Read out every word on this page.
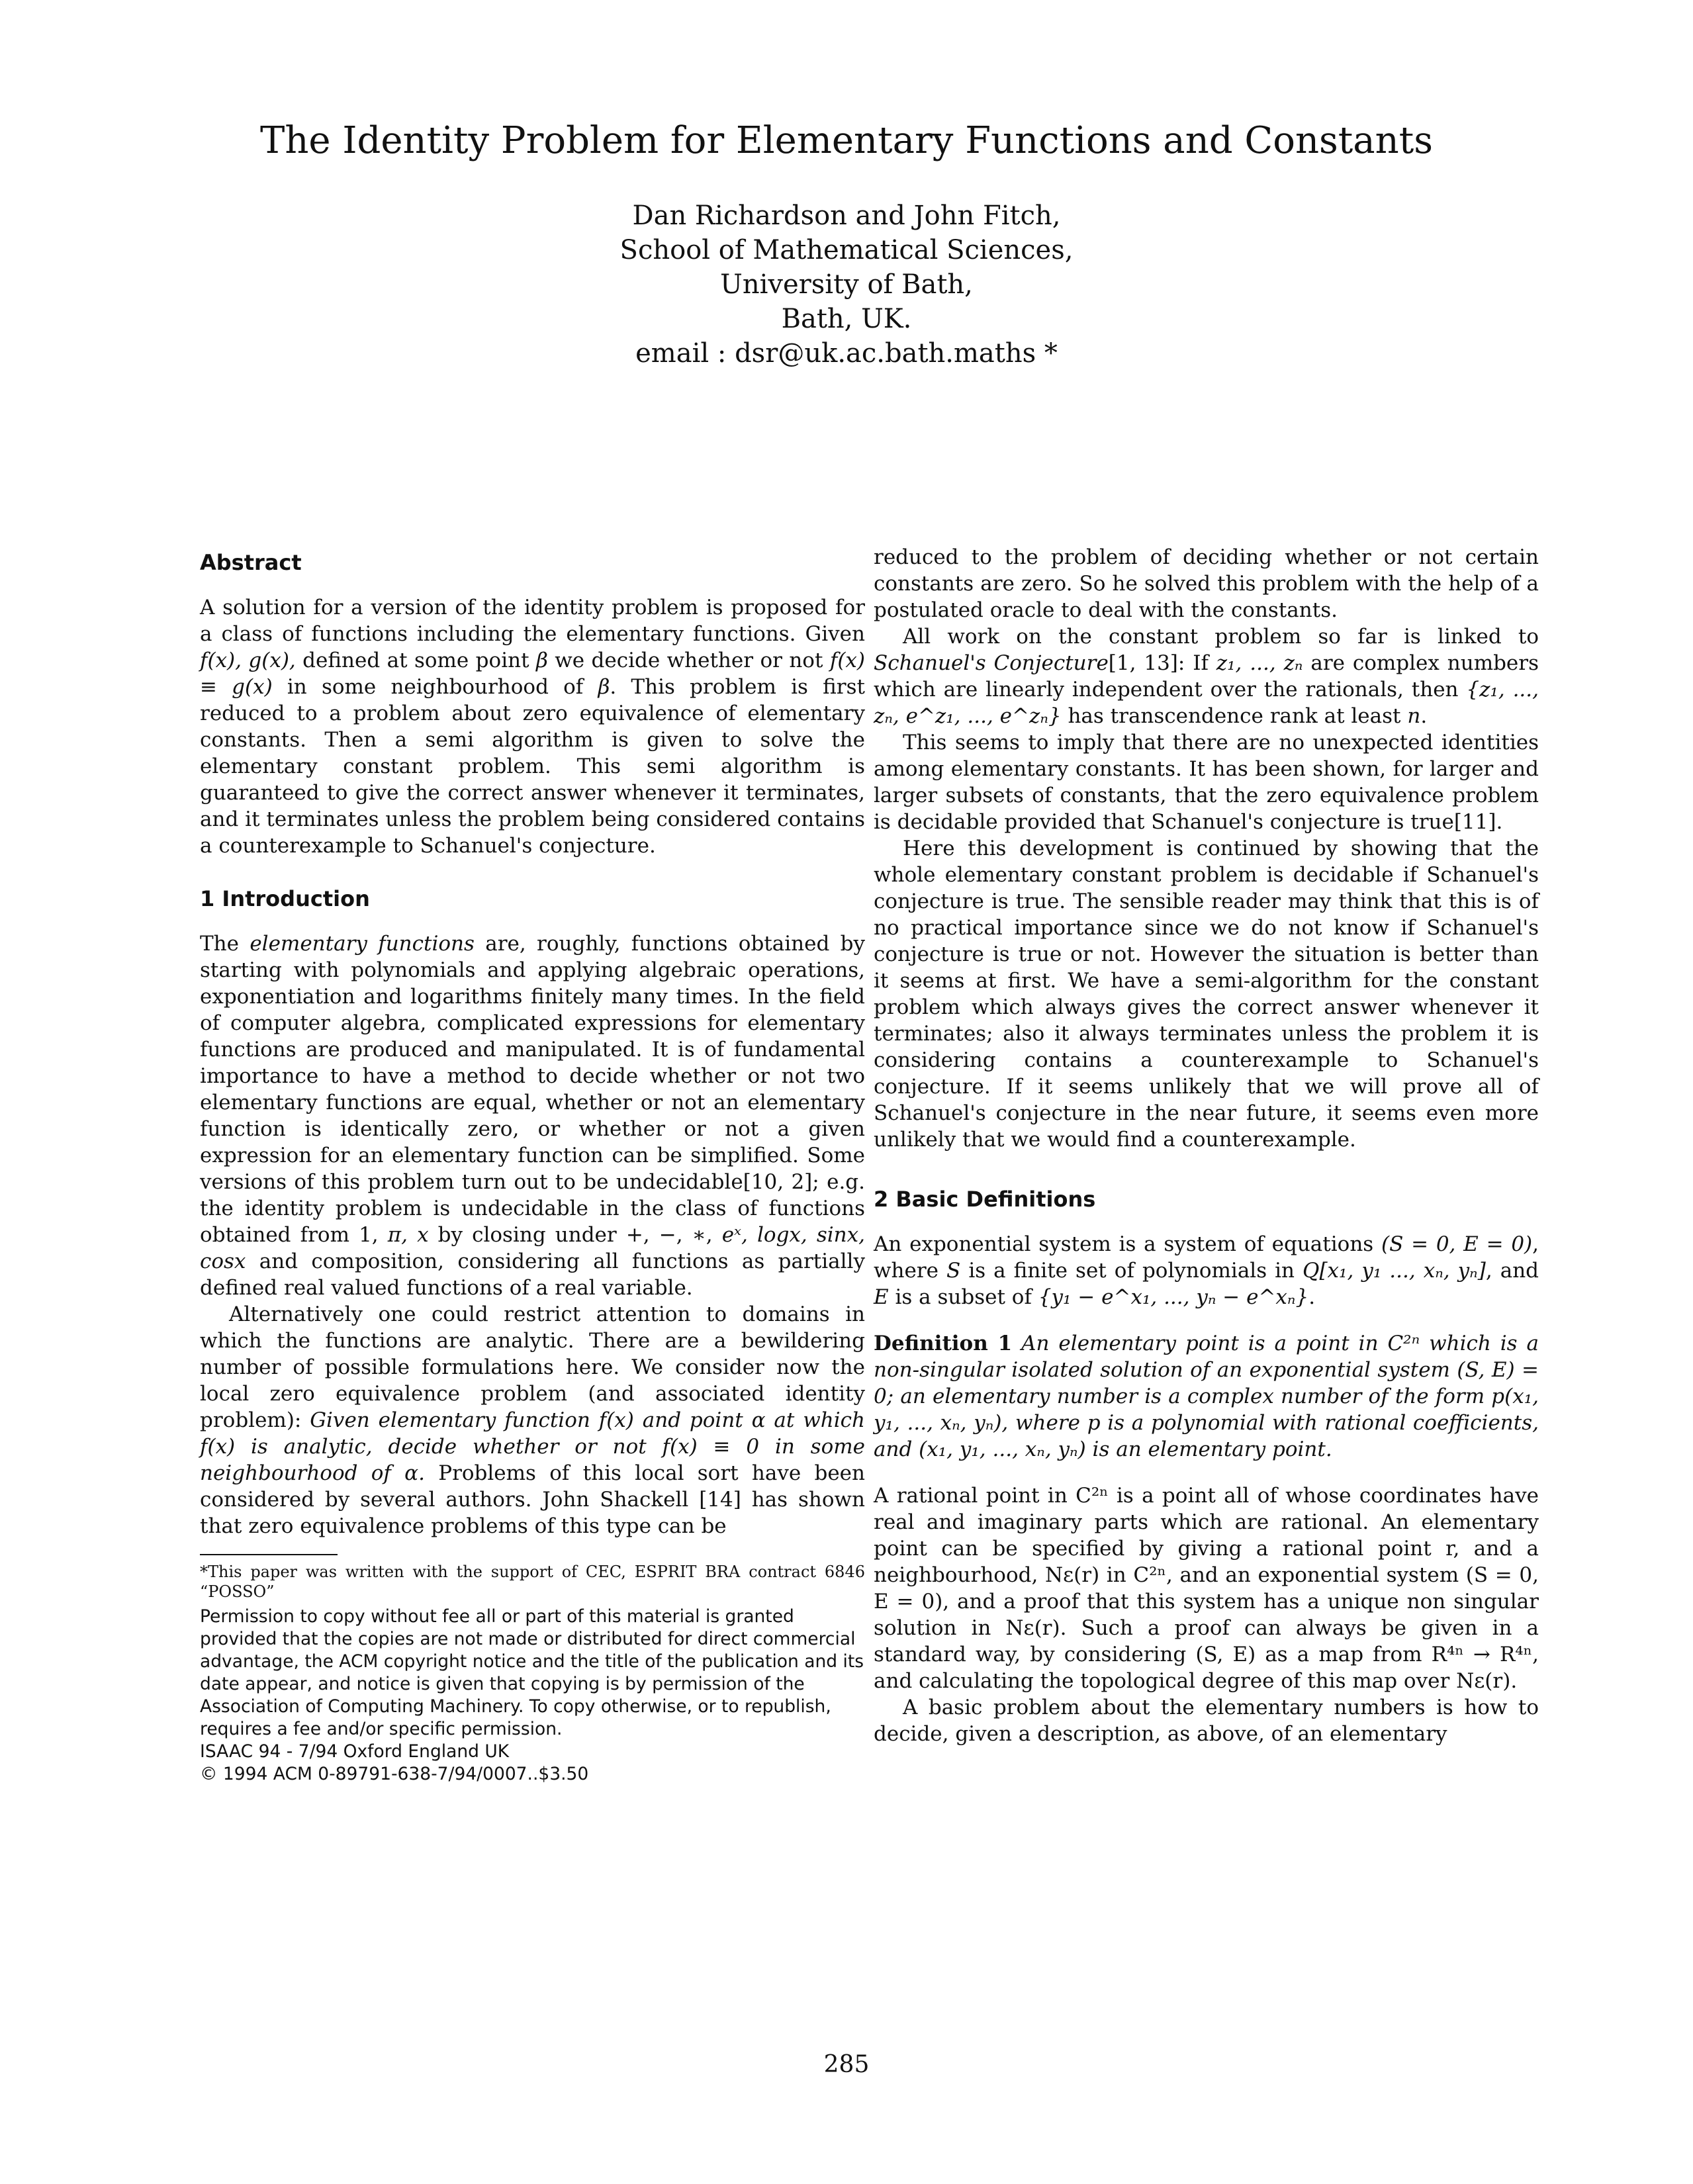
The Identity Problem for Elementary Functions and Constants
Dan Richardson and John Fitch,
School of Mathematical Sciences,
University of Bath,
Bath, UK.
email : dsr@uk.ac.bath.maths *
Abstract

A solution for a version of the identity problem is proposed for a class of functions including the elementary functions. Given f(x), g(x), defined at some point β we decide whether or not f(x) ≡ g(x) in some neighbourhood of β. This problem is first reduced to a problem about zero equivalence of elementary constants. Then a semi algorithm is given to solve the elementary constant problem. This semi algorithm is guaranteed to give the correct answer whenever it terminates, and it terminates unless the problem being considered contains a counterexample to Schanuel's conjecture.

1 Introduction

The elementary functions are, roughly, functions obtained by starting with polynomials and applying algebraic operations, exponentiation and logarithms finitely many times. In the field of computer algebra, complicated expressions for elementary functions are produced and manipulated. It is of fundamental importance to have a method to decide whether or not two elementary functions are equal, whether or not an elementary function is identically zero, or whether or not a given expression for an elementary function can be simplified. Some versions of this problem turn out to be undecidable[10, 2]; e.g. the identity problem is undecidable in the class of functions obtained from 1, π, x by closing under +, −, ∗, eˣ, logx, sinx, cosx and composition, considering all functions as partially defined real valued functions of a real variable.

Alternatively one could restrict attention to domains in which the functions are analytic. There are a bewildering number of possible formulations here. We consider now the local zero equivalence problem (and associated identity problem): Given elementary function f(x) and point α at which f(x) is analytic, decide whether or not f(x) ≡ 0 in some neighbourhood of α. Problems of this local sort have been considered by several authors. John Shackell [14] has shown that zero equivalence problems of this type can be

*This paper was written with the support of CEC, ESPRIT BRA contract 6846 “POSSO”

Permission to copy without fee all or part of this material is granted provided that the copies are not made or distributed for direct commercial advantage, the ACM copyright notice and the title of the publication and its date appear, and notice is given that copying is by permission of the Association of Computing Machinery. To copy otherwise, or to republish, requires a fee and/or specific permission.

ISAAC 94 - 7/94 Oxford England UK

© 1994 ACM 0-89791-638-7/94/0007..$3.50

reduced to the problem of deciding whether or not certain constants are zero. So he solved this problem with the help of a postulated oracle to deal with the constants.

All work on the constant problem so far is linked to Schanuel's Conjecture[1, 13]: If z₁, ..., zₙ are complex numbers which are linearly independent over the rationals, then {z₁, ..., zₙ, e^z₁, ..., e^zₙ} has transcendence rank at least n.

This seems to imply that there are no unexpected identities among elementary constants. It has been shown, for larger and larger subsets of constants, that the zero equivalence problem is decidable provided that Schanuel's conjecture is true[11].

Here this development is continued by showing that the whole elementary constant problem is decidable if Schanuel's conjecture is true. The sensible reader may think that this is of no practical importance since we do not know if Schanuel's conjecture is true or not. However the situation is better than it seems at first. We have a semi-algorithm for the constant problem which always gives the correct answer whenever it terminates; also it always terminates unless the problem it is considering contains a counterexample to Schanuel's conjecture. If it seems unlikely that we will prove all of Schanuel's conjecture in the near future, it seems even more unlikely that we would find a counterexample.

2 Basic Definitions

An exponential system is a system of equations (S = 0, E = 0), where S is a finite set of polynomials in Q[x₁, y₁ ..., xₙ, yₙ], and E is a subset of {y₁ − e^x₁, ..., yₙ − e^xₙ}.

Definition 1 An elementary point is a point in C²ⁿ which is a non-singular isolated solution of an exponential system (S, E) = 0; an elementary number is a complex number of the form p(x₁, y₁, ..., xₙ, yₙ), where p is a polynomial with rational coefficients, and (x₁, y₁, ..., xₙ, yₙ) is an elementary point.

A rational point in C²ⁿ is a point all of whose coordinates have real and imaginary parts which are rational. An elementary point can be specified by giving a rational point r, and a neighbourhood, Nε(r) in C²ⁿ, and an exponential system (S = 0, E = 0), and a proof that this system has a unique non singular solution in Nε(r). Such a proof can always be given in a standard way, by considering (S, E) as a map from R⁴ⁿ → R⁴ⁿ, and calculating the topological degree of this map over Nε(r).

A basic problem about the elementary numbers is how to decide, given a description, as above, of an elementary

285
